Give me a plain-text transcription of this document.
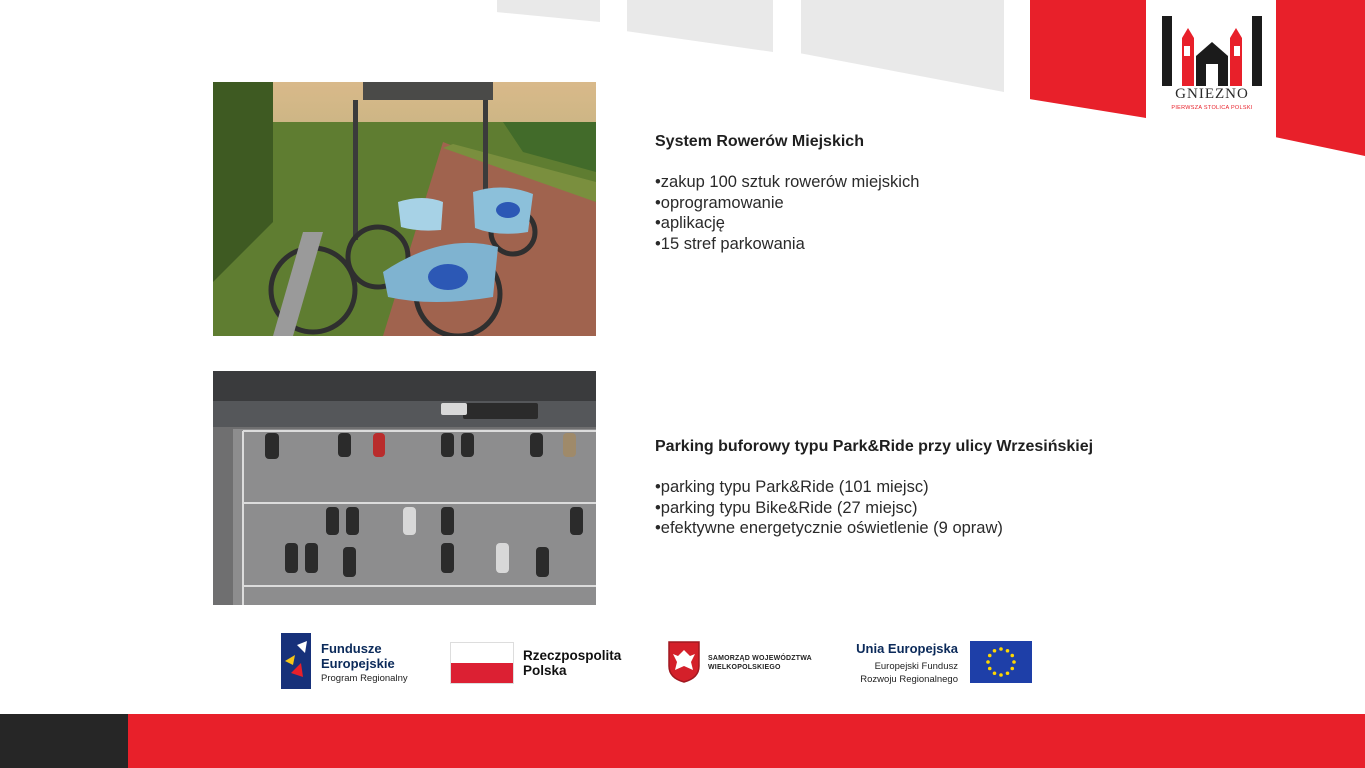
GNIEZNO
PIERWSZA STOLICA POLSKI
System Rowerów Miejskich
• zakup 100 sztuk rowerów miejskich
• oprogramowanie
• aplikację
• 15 stref parkowania
Parking buforowy typu Park&Ride przy ulicy Wrzesińskiej
• parking typu Park&Ride (101 miejsc)
• parking typu Bike&Ride (27 miejsc)
• efektywne energetycznie oświetlenie (9 opraw)
Fundusze
Europejskie
Program Regionalny
Rzeczpospolita
Polska
SAMORZĄD WOJEWÓDZTWA
WIELKOPOLSKIEGO
Unia Europejska
Europejski Fundusz
Rozwoju Regionalnego
